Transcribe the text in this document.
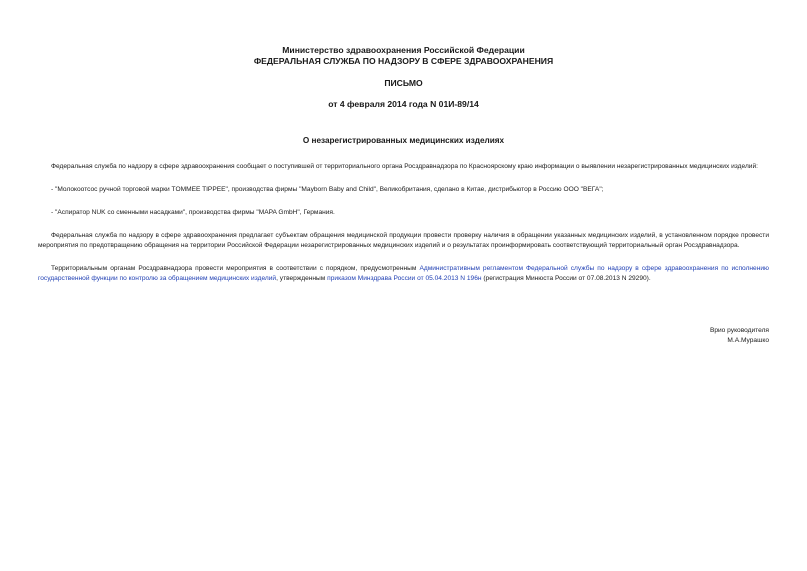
Министерство здравоохранения Российской Федерации

ФЕДЕРАЛЬНАЯ СЛУЖБА ПО НАДЗОРУ В СФЕРЕ ЗДРАВООХРАНЕНИЯ

ПИСЬМО

от 4 февраля 2014 года N 01И-89/14

О незарегистрированных медицинских изделиях

Федеральная служба по надзору в сфере здравоохранения сообщает о поступившей от территориального органа Росздравнадзора по Красноярскому краю информации о выявлении незарегистрированных медицинских изделий:

- "Молокоотсос ручной торговой марки TOMMEE TIPPEE", производства фирмы "Mayborn Baby and Child", Великобритания, сделано в Китае, дистрибьютор в Россию ООО "ВЕГА";

- "Аспиратор NUK со сменными насадками", производства фирмы "MAPA GmbH", Германия.

Федеральная служба по надзору в сфере здравоохранения предлагает субъектам обращения медицинской продукции провести проверку наличия в обращении указанных медицинских изделий, в установленном порядке провести мероприятия по предотвращению обращения на территории Российской Федерации незарегистрированных медицинских изделий и о результатах проинформировать соответствующий территориальный орган Росздравнадзора.

Территориальным органам Росздравнадзора провести мероприятия в соответствии с порядком, предусмотренным Административным регламентом Федеральной службы по надзору в сфере здравоохранения по исполнению государственной функции по контролю за обращением медицинских изделий, утвержденным приказом Минздрава России от 05.04.2013 N 196н (регистрация Минюста России от 07.08.2013 N 29290).

Врио руководителя
М.А.Мурашко
